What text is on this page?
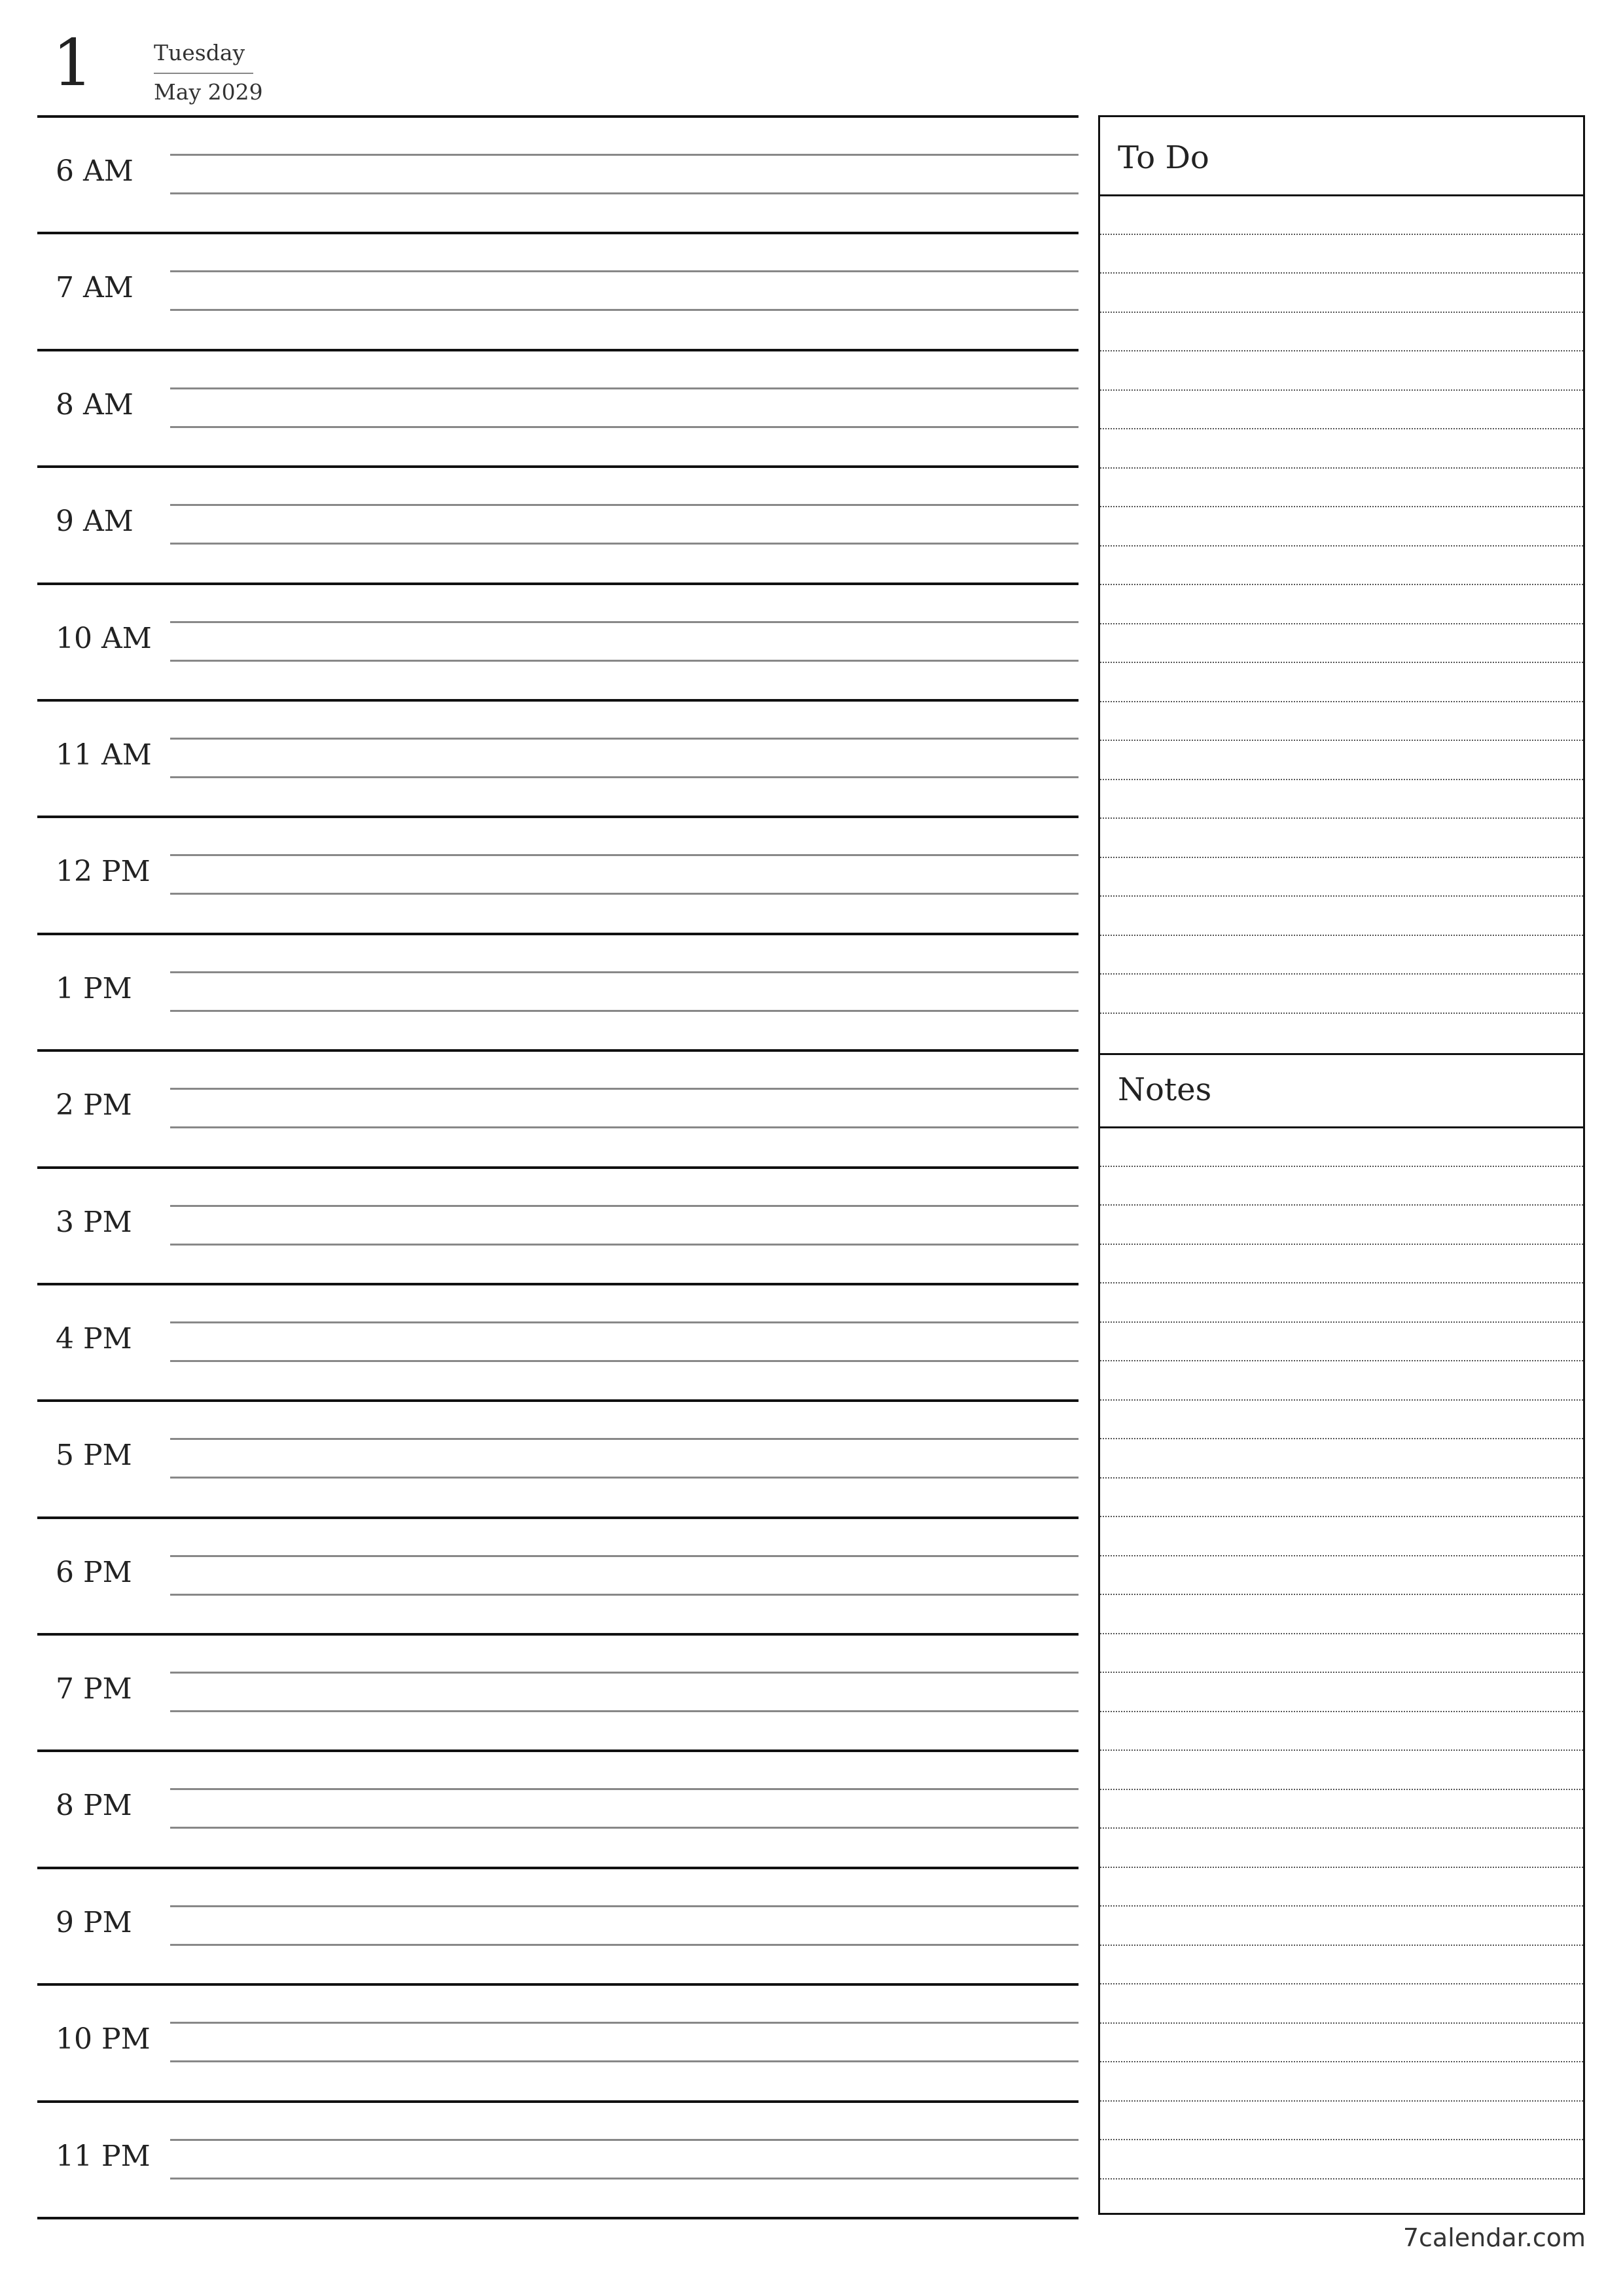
1	Tuesday
May 2029
6 AM
7 AM
8 AM
9 AM
10 AM
11 AM
12 PM
1 PM
2 PM
3 PM
4 PM
5 PM
6 PM
7 PM
8 PM
9 PM
10 PM
11 PM
To Do
Notes
7calendar.com
